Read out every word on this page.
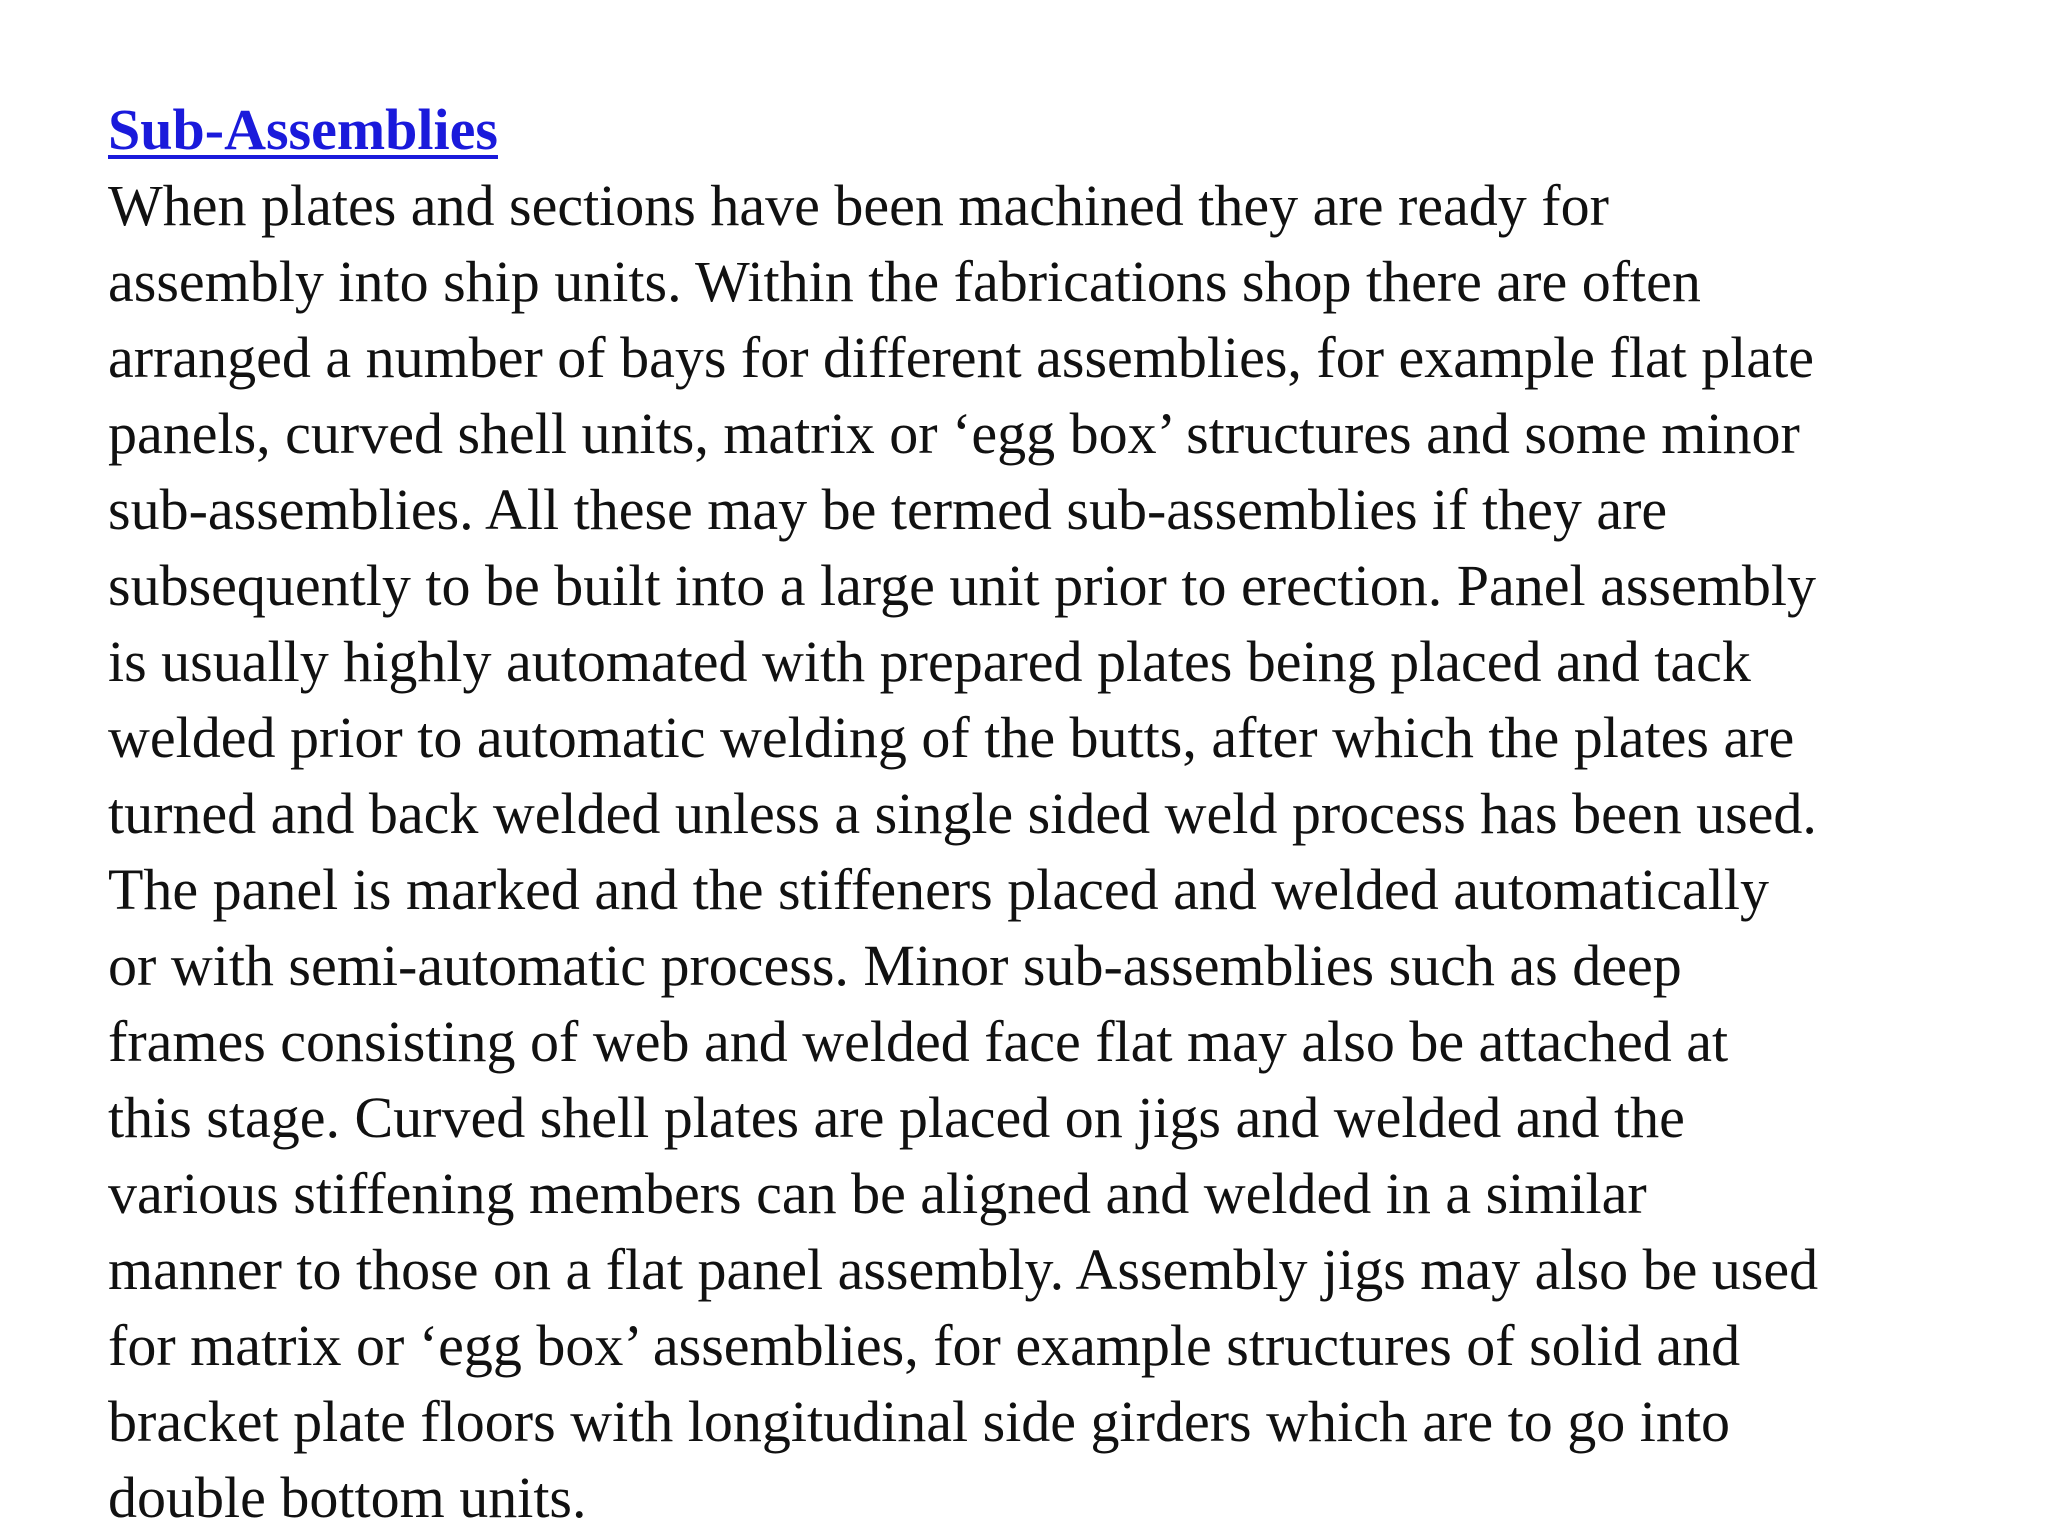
Sub-Assemblies

When plates and sections have been machined they are ready for
assembly into ship units. Within the fabrications shop there are often
arranged a number of bays for different assemblies, for example flat plate
panels, curved shell units, matrix or ‘egg box’ structures and some minor
sub-assemblies. All these may be termed sub-assemblies if they are
subsequently to be built into a large unit prior to erection. Panel assembly
is usually highly automated with prepared plates being placed and tack
welded prior to automatic welding of the butts, after which the plates are
turned and back welded unless a single sided weld process has been used.
The panel is marked and the stiffeners placed and welded automatically
or with semi-automatic process. Minor sub-assemblies such as deep
frames consisting of web and welded face flat may also be attached at
this stage. Curved shell plates are placed on jigs and welded and the
various stiffening members can be aligned and welded in a similar
manner to those on a flat panel assembly. Assembly jigs may also be used
for matrix or ‘egg box’ assemblies, for example structures of solid and
bracket plate floors with longitudinal side girders which are to go into
double bottom units.
